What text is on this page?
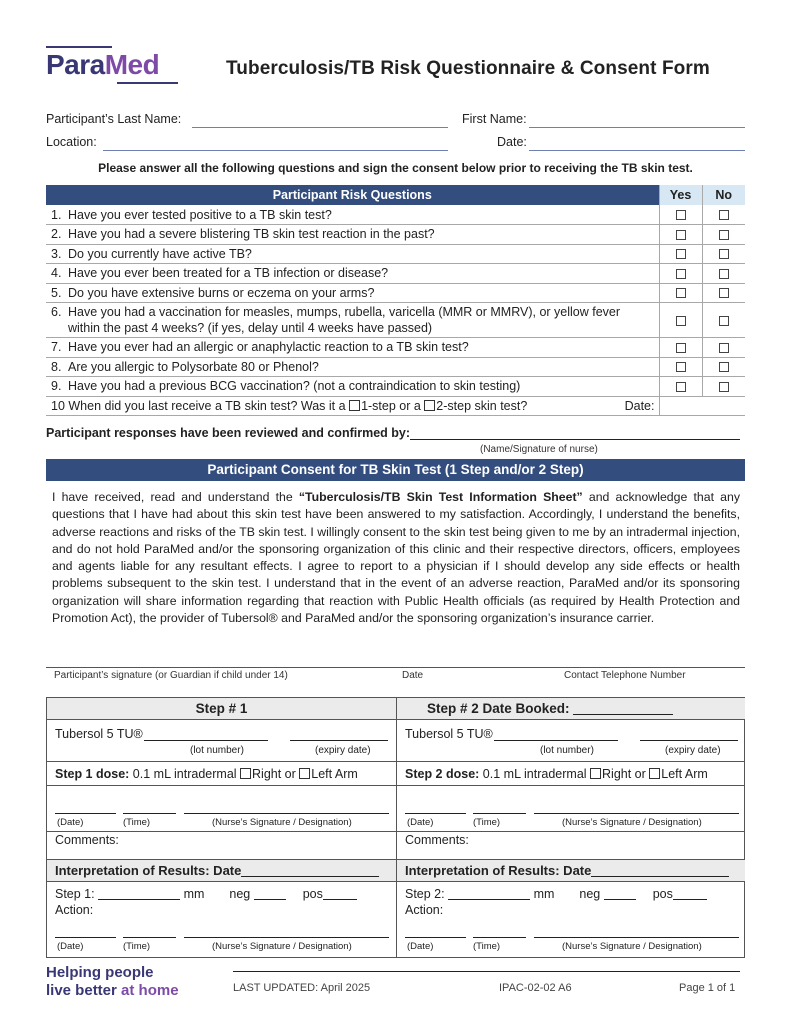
ParaMed	Tuberculosis/TB Risk Questionnaire & Consent Form
Participant’s Last Name:	First Name:
Location:	Date:
Please answer all the following questions and sign the consent below prior to receiving the TB skin test.
Participant Risk Questions	Yes	No
1. Have you ever tested positive to a TB skin test?		
2. Have you had a severe blistering TB skin test reaction in the past?		
3. Do you currently have active TB?		
4. Have you ever been treated for a TB infection or disease?		
5. Do you have extensive burns or eczema on your arms?		
6. Have you had a vaccination for measles, mumps, rubella, varicella (MMR or MMRV), or yellow fever
within the past 4 weeks? (if yes, delay until 4 weeks have passed)		
7. Have you ever had an allergic or anaphylactic reaction to a TB skin test?		
8. Are you allergic to Polysorbate 80 or Phenol?		
9. Have you had a previous BCG vaccination? (not a contraindication to skin testing)		
10 When did you last receive a TB skin test? Was it a 1-step or a 2-step skin test? Date:		

Participant responses have been reviewed and confirmed by:
(Name/Signature of nurse)
Participant Consent for TB Skin Test (1 Step and/or 2 Step)
I have received, read and understand the “Tuberculosis/TB Skin Test Information Sheet” and acknowledge that any questions that I have had about this skin test have been answered to my satisfaction. Accordingly, I understand the benefits, adverse reactions and risks of the TB skin test. I willingly consent to the skin test being given to me by an intradermal injection, and do not hold ParaMed and/or the sponsoring organization of this clinic and their respective directors, officers, employees and agents liable for any resultant effects. I agree to report to a physician if I should develop any side effects or health problems subsequent to the skin test. I understand that in the event of an adverse reaction, ParaMed and/or its sponsoring organization will share information regarding that reaction with Public Health officials (as required by Health Protection and Promotion Act), the provider of Tubersol® and ParaMed and/or the sponsoring organization’s insurance carrier.
Participant’s signature (or Guardian if child under 14)	Date	Contact Telephone Number
Step # 1
Tubersol 5 TU®
(lot number)	(expiry date)
Step 1 dose: 0.1 mL intradermal Right or Left Arm
(Date)	(Time)	(Nurse’s Signature / Designation)
Comments:
Interpretation of Results: Date
Step 1:	mm neg	pos
Action:
(Date)	(Time)	(Nurse’s Signature / Designation)
Step # 2 Date Booked:
Tubersol 5 TU®
(lot number)	(expiry date)
Step 2 dose: 0.1 mL intradermal Right or Left Arm
(Date)	(Time)	(Nurse’s Signature / Designation)
Comments:
Interpretation of Results: Date
Step 2:	mm neg	pos
Action:
(Date)	(Time)	(Nurse’s Signature / Designation)
Helping people
live better at home	LAST UPDATED: April 2025	IPAC-02-02 A6	Page 1 of 1
